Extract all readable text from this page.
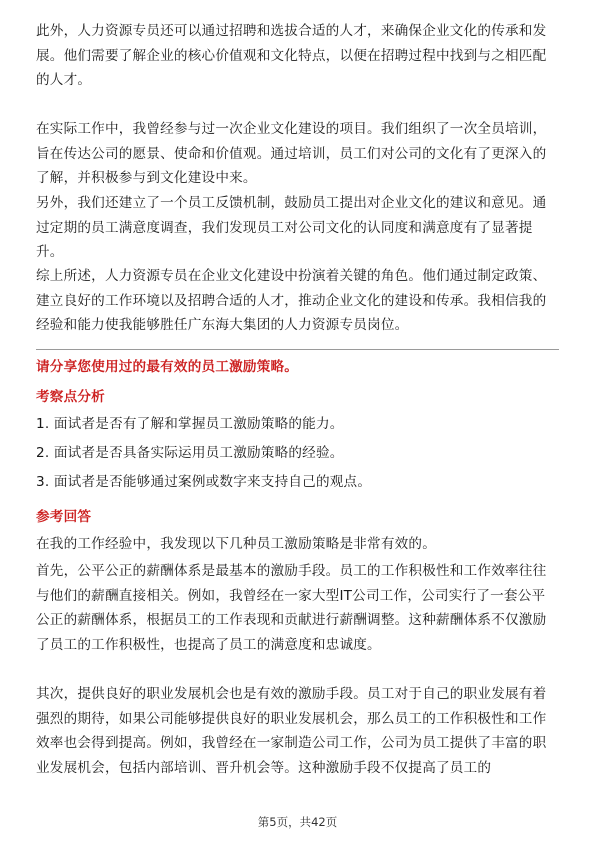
此外，人力资源专员还可以通过招聘和选拔合适的人才，来确保企业文化的传承和发展。他们需要了解企业的核心价值观和文化特点，以便在招聘过程中找到与之相匹配的人才。

在实际工作中，我曾经参与过一次企业文化建设的项目。我们组织了一次全员培训，旨在传达公司的愿景、使命和价值观。通过培训，员工们对公司的文化有了更深入的了解，并积极参与到文化建设中来。

另外，我们还建立了一个员工反馈机制，鼓励员工提出对企业文化的建议和意见。通过定期的员工满意度调查，我们发现员工对公司文化的认同度和满意度有了显著提升。

综上所述，人力资源专员在企业文化建设中扮演着关键的角色。他们通过制定政策、建立良好的工作环境以及招聘合适的人才，推动企业文化的建设和传承。我相信我的经验和能力使我能够胜任广东海大集团的人力资源专员岗位。

请分享您使用过的最有效的员工激励策略。

考察点分析

1. 面试者是否有了解和掌握员工激励策略的能力。

2. 面试者是否具备实际运用员工激励策略的经验。

3. 面试者是否能够通过案例或数字来支持自己的观点。

参考回答

在我的工作经验中，我发现以下几种员工激励策略是非常有效的。

首先，公平公正的薪酬体系是最基本的激励手段。员工的工作积极性和工作效率往往与他们的薪酬直接相关。例如，我曾经在一家大型IT公司工作，公司实行了一套公平公正的薪酬体系，根据员工的工作表现和贡献进行薪酬调整。这种薪酬体系不仅激励了员工的工作积极性，也提高了员工的满意度和忠诚度。

其次，提供良好的职业发展机会也是有效的激励手段。员工对于自己的职业发展有着强烈的期待，如果公司能够提供良好的职业发展机会，那么员工的工作积极性和工作效率也会得到提高。例如，我曾经在一家制造公司工作，公司为员工提供了丰富的职业发展机会，包括内部培训、晋升机会等。这种激励手段不仅提高了员工的

第5页，共42页
